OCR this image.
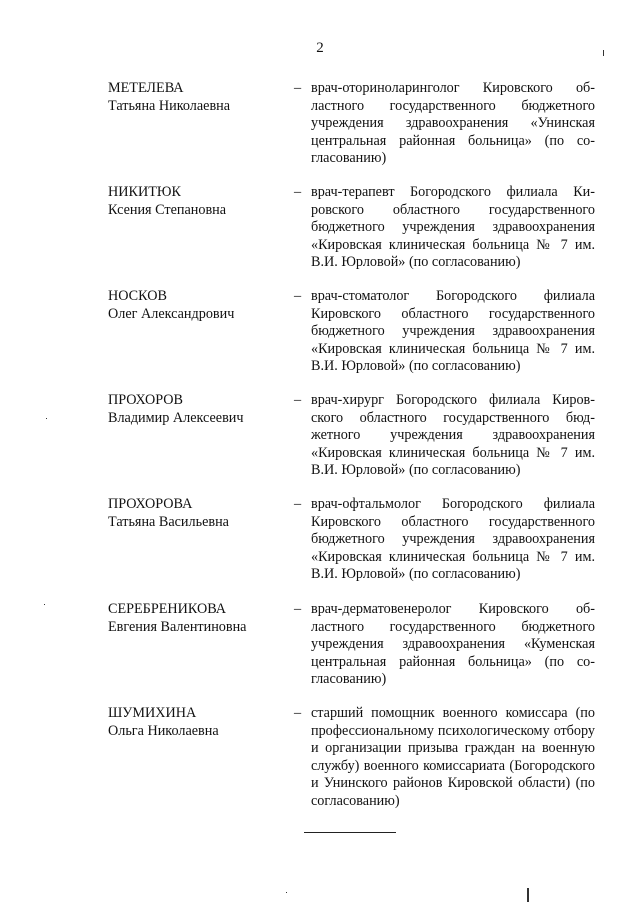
2
МЕТЕЛЕВА
Татьяна Николаевна
– врач-оториноларинголог Кировского областного государственного бюджетного учреждения здравоохранения «Унинская центральная районная больница» (по согласованию)
НИКИТЮК
Ксения Степановна
– врач-терапевт Богородского филиала Кировского областного государственного бюджетного учреждения здравоохранения «Кировская клиническая больница № 7 им. В.И. Юрловой» (по согласованию)
НОСКОВ
Олег Александрович
– врач-стоматолог Богородского филиала Кировского областного государственного бюджетного учреждения здравоохранения «Кировская клиническая больница № 7 им. В.И. Юрловой» (по согласованию)
ПРОХОРОВ
Владимир Алексеевич
– врач-хирург Богородского филиала Кировского областного государственного бюджетного учреждения здравоохранения «Кировская клиническая больница № 7 им. В.И. Юрловой» (по согласованию)
ПРОХОРОВА
Татьяна Васильевна
– врач-офтальмолог Богородского филиала Кировского областного государственного бюджетного учреждения здравоохранения «Кировская клиническая больница № 7 им. В.И. Юрловой» (по согласованию)
СЕРЕБРЕНИКОВА
Евгения Валентиновна
– врач-дерматовенеролог Кировского областного государственного бюджетного учреждения здравоохранения «Куменская центральная районная больница» (по согласованию)
ШУМИХИНА
Ольга Николаевна
– старший помощник военного комиссара (по профессиональному психологическому отбору и организации призыва граждан на военную службу) военного комиссариата (Богородского и Унинского районов Кировской области) (по согласованию)
